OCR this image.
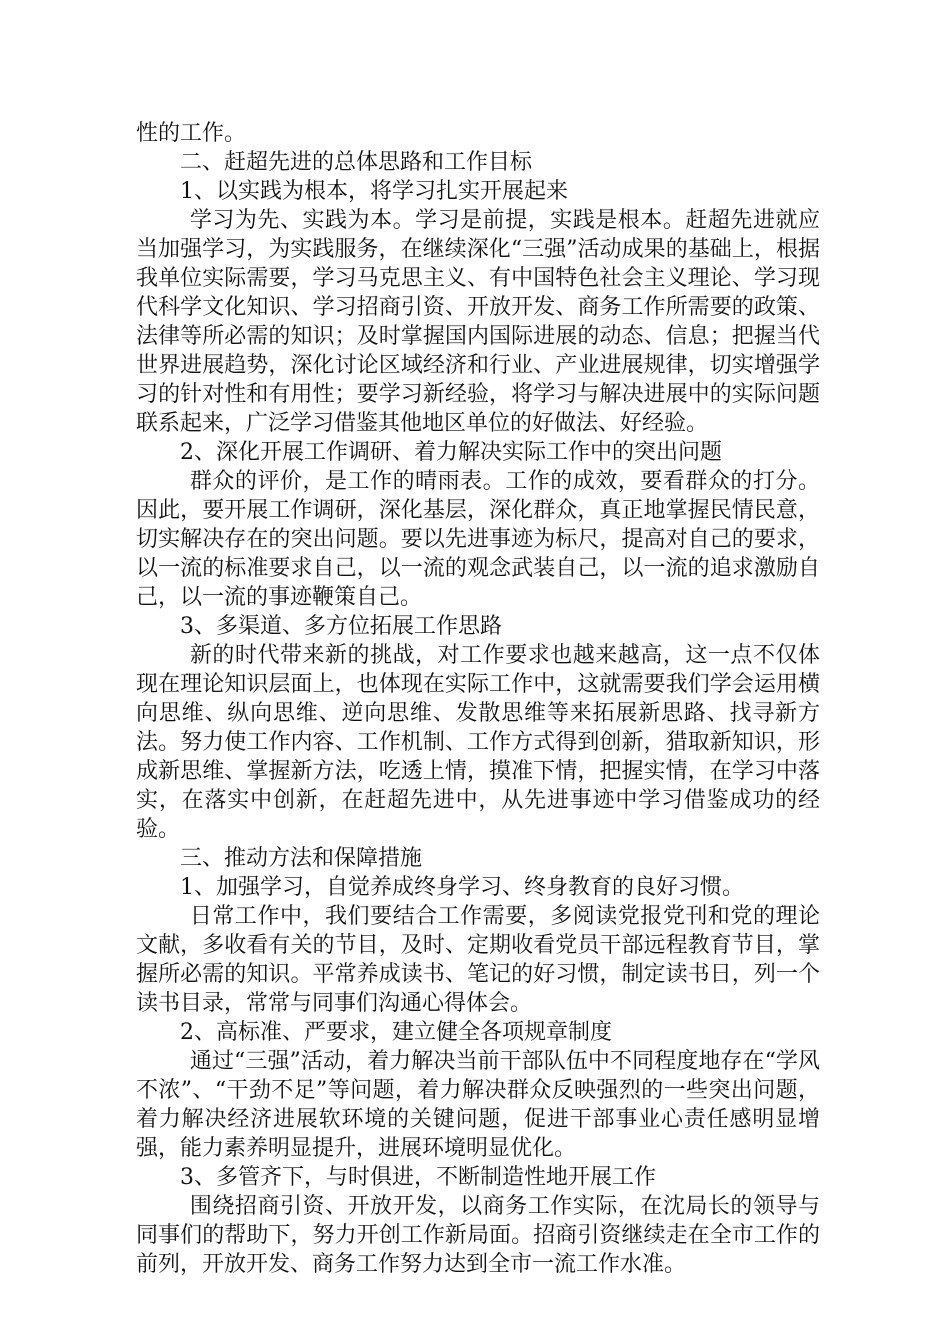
性的工作。

二、赶超先进的总体思路和工作目标

1、以实践为根本，将学习扎实开展起来

学习为先、实践为本。学习是前提，实践是根本。赶超先进就应当加强学习，为实践服务，在继续深化“三强”活动成果的基础上，根据我单位实际需要，学习马克思主义、有中国特色社会主义理论、学习现代科学文化知识、学习招商引资、开放开发、商务工作所需要的政策、法律等所必需的知识；及时掌握国内国际进展的动态、信息；把握当代世界进展趋势，深化讨论区域经济和行业、产业进展规律，切实增强学习的针对性和有用性；要学习新经验，将学习与解决进展中的实际问题联系起来，广泛学习借鉴其他地区单位的好做法、好经验。

2、深化开展工作调研、着力解决实际工作中的突出问题

群众的评价，是工作的晴雨表。工作的成效，要看群众的打分。因此，要开展工作调研，深化基层，深化群众，真正地掌握民情民意，切实解决存在的突出问题。要以先进事迹为标尺，提高对自己的要求，以一流的标准要求自己，以一流的观念武装自己，以一流的追求激励自己，以一流的事迹鞭策自己。

3、多渠道、多方位拓展工作思路

新的时代带来新的挑战，对工作要求也越来越高，这一点不仅体现在理论知识层面上，也体现在实际工作中，这就需要我们学会运用横向思维、纵向思维、逆向思维、发散思维等来拓展新思路、找寻新方法。努力使工作内容、工作机制、工作方式得到创新，猎取新知识，形成新思维、掌握新方法，吃透上情，摸准下情，把握实情，在学习中落实，在落实中创新，在赶超先进中，从先进事迹中学习借鉴成功的经验。

三、推动方法和保障措施

1、加强学习，自觉养成终身学习、终身教育的良好习惯。

日常工作中，我们要结合工作需要，多阅读党报党刊和党的理论文献，多收看有关的节目，及时、定期收看党员干部远程教育节目，掌握所必需的知识。平常养成读书、笔记的好习惯，制定读书日，列一个读书目录，常常与同事们沟通心得体会。

2、高标准、严要求，建立健全各项规章制度

通过“三强”活动，着力解决当前干部队伍中不同程度地存在“学风不浓”、“干劲不足”等问题，着力解决群众反映强烈的一些突出问题，着力解决经济进展软环境的关键问题，促进干部事业心责任感明显增强，能力素养明显提升，进展环境明显优化。

3、多管齐下，与时俱进，不断制造性地开展工作

围绕招商引资、开放开发，以商务工作实际，在沈局长的领导与同事们的帮助下，努力开创工作新局面。招商引资继续走在全市工作的前列，开放开发、商务工作努力达到全市一流工作水准。
